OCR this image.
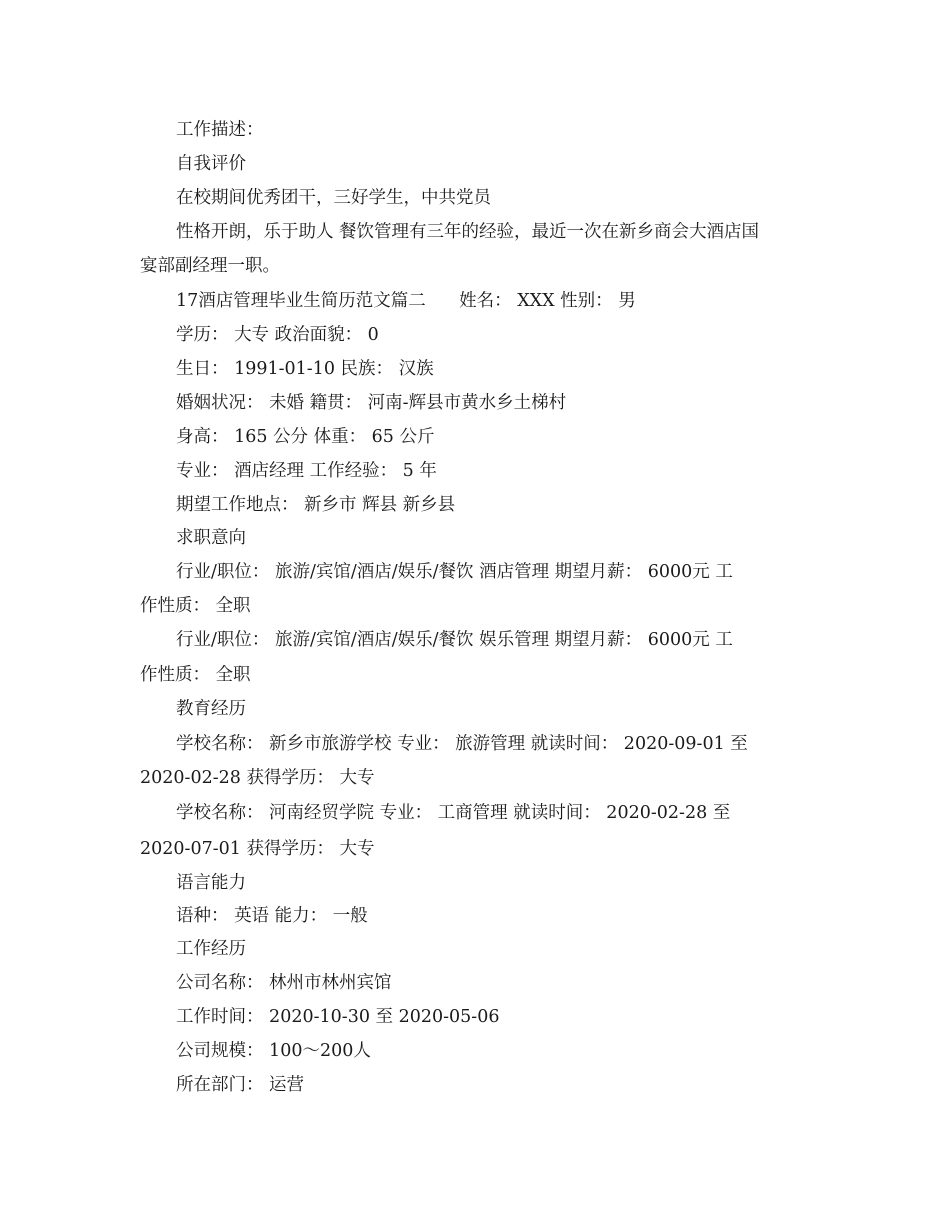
工作描述：
自我评价
在校期间优秀团干，三好学生，中共党员
性格开朗，乐于助人 餐饮管理有三年的经验，最近一次在新乡商会大酒店国
宴部副经理一职。
17酒店管理毕业生简历范文篇二      姓名： XXX 性别： 男
学历： 大专 政治面貌： 0
生日： 1991-01-10 民族： 汉族
婚姻状况： 未婚 籍贯： 河南-辉县市黄水乡土梯村
身高： 165 公分 体重： 65 公斤
专业： 酒店经理 工作经验： 5 年
期望工作地点： 新乡市 辉县 新乡县
求职意向
行业/职位： 旅游/宾馆/酒店/娱乐/餐饮 酒店管理 期望月薪： 6000元 工
作性质： 全职
行业/职位： 旅游/宾馆/酒店/娱乐/餐饮 娱乐管理 期望月薪： 6000元 工
作性质： 全职
教育经历
学校名称： 新乡市旅游学校 专业： 旅游管理 就读时间： 2020-09-01 至
2020-02-28 获得学历： 大专
学校名称： 河南经贸学院 专业： 工商管理 就读时间： 2020-02-28 至
2020-07-01 获得学历： 大专
语言能力
语种： 英语 能力： 一般
工作经历
公司名称： 林州市林州宾馆
工作时间： 2020-10-30 至 2020-05-06
公司规模： 100～200人
所在部门： 运营
